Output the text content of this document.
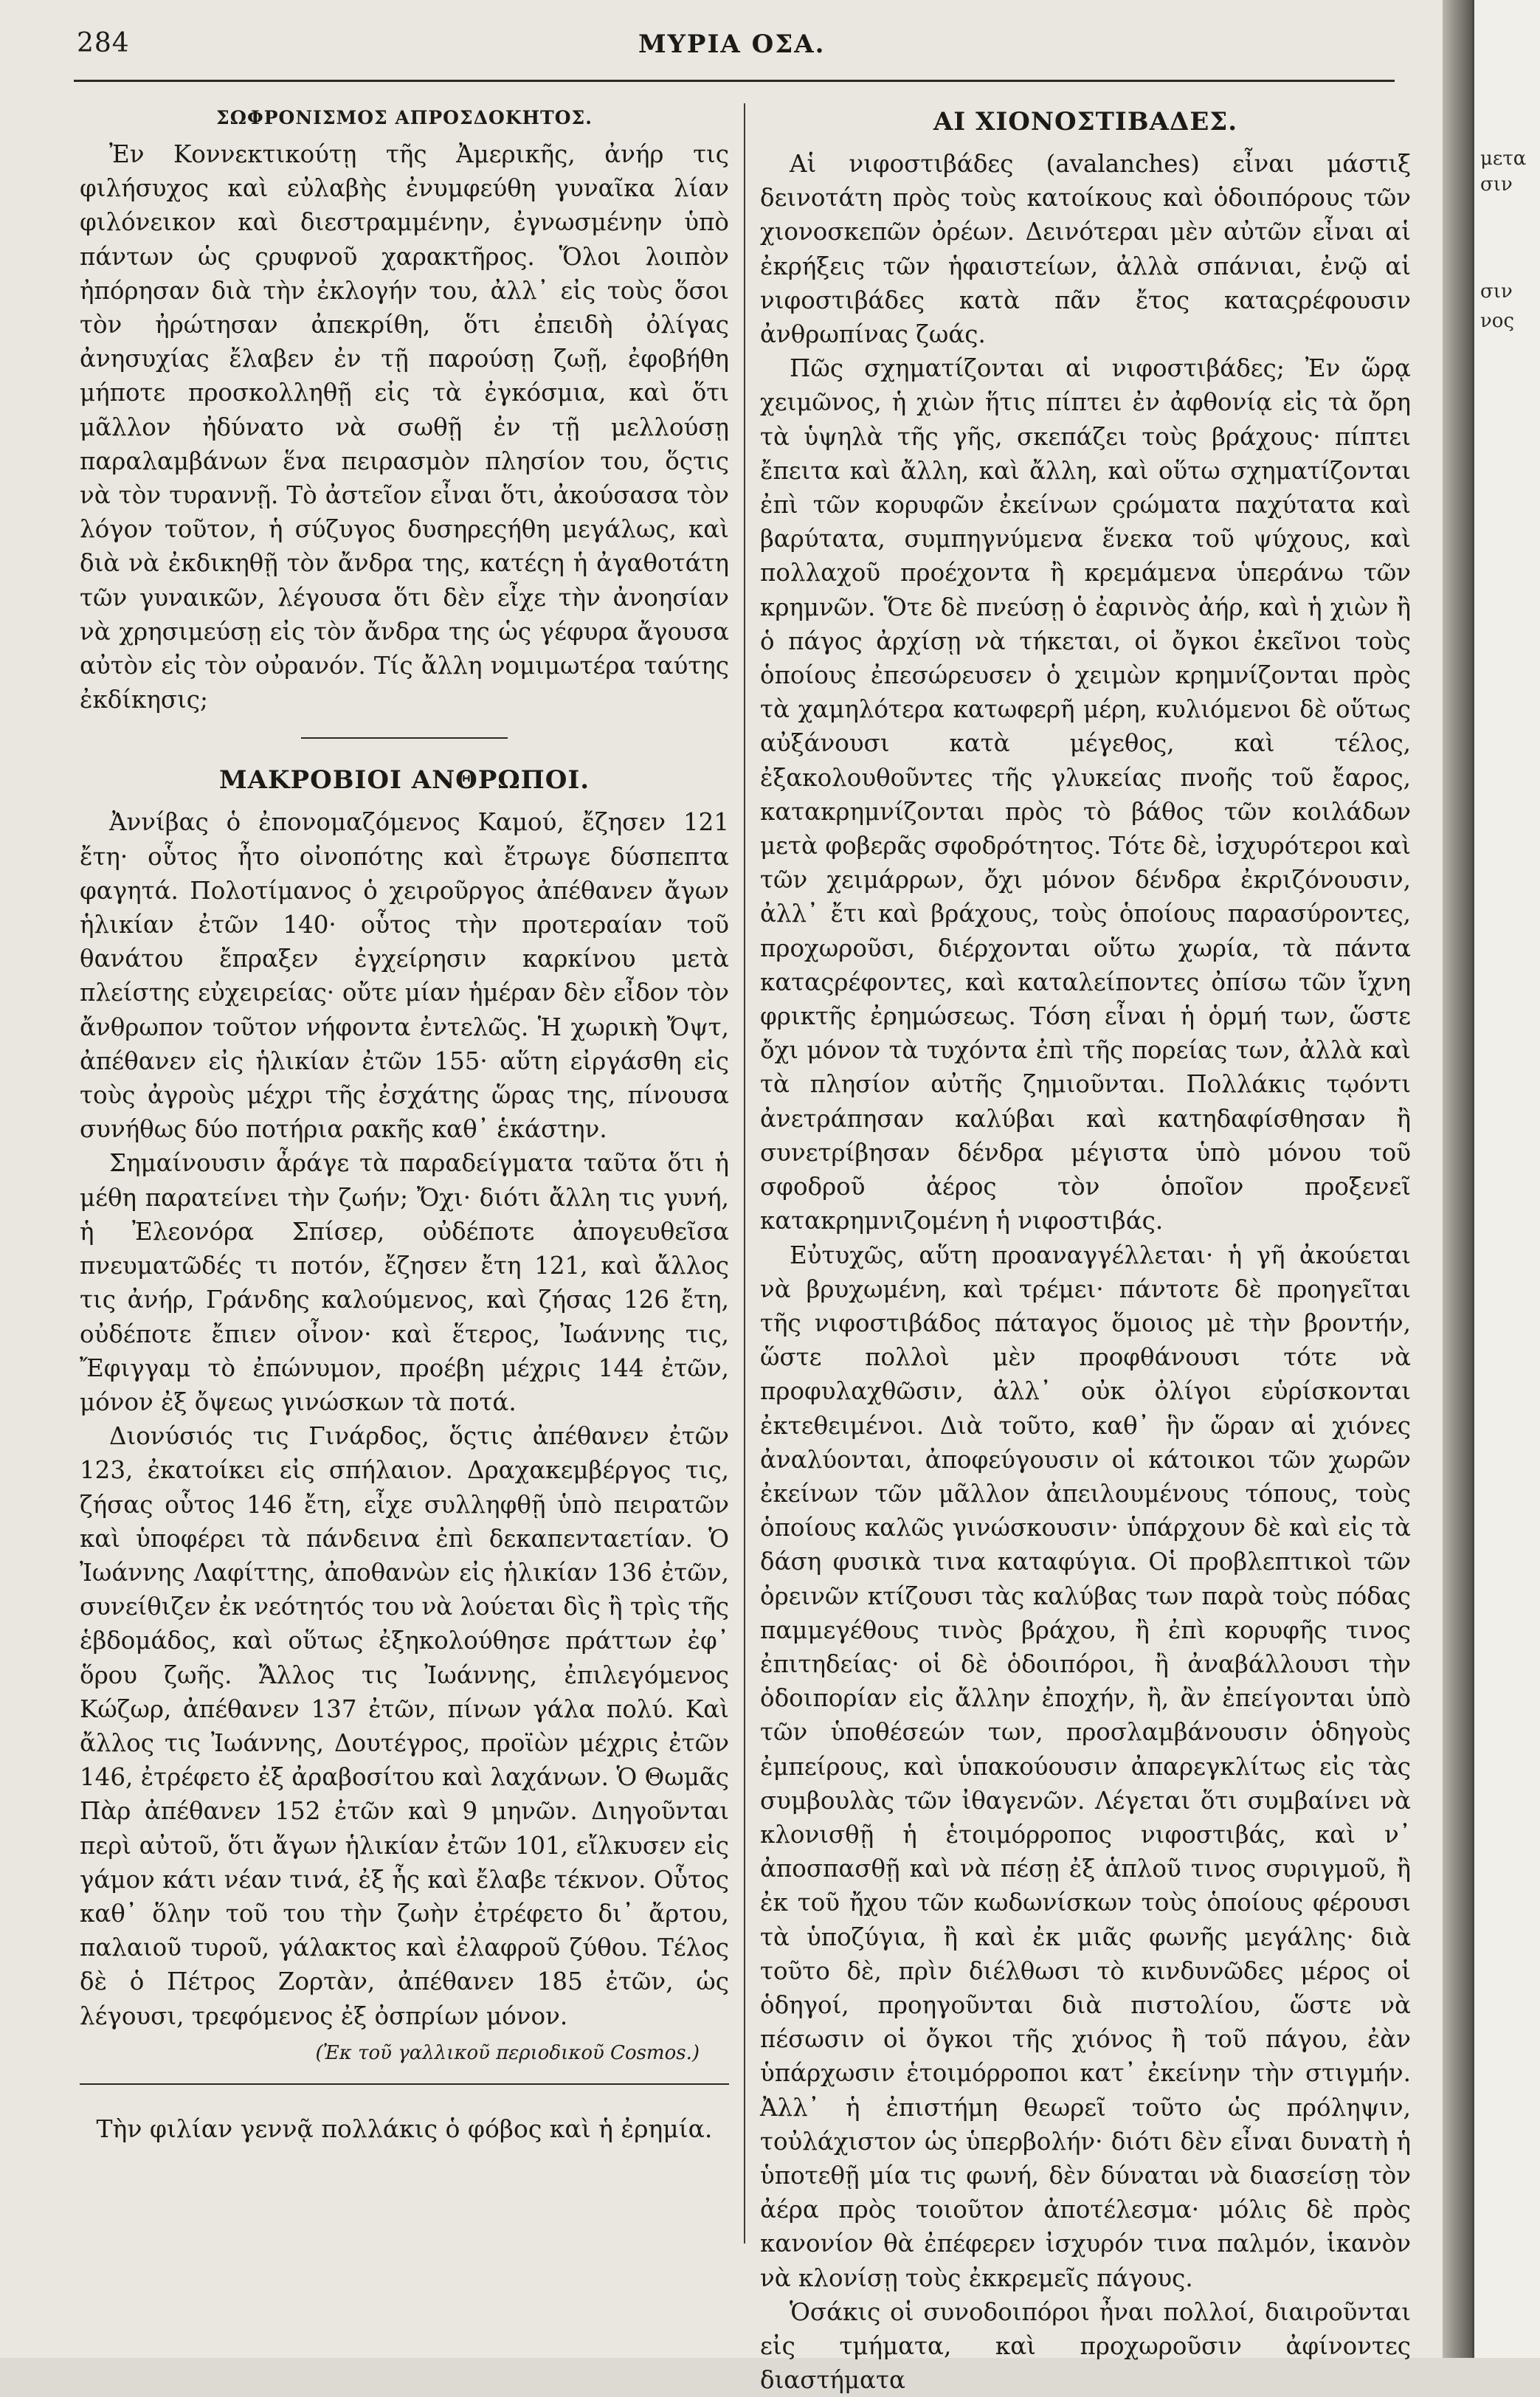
284	ΜΥΡΙΑ ΟΣΑ.
ΣΩΦΡΟΝΙΣΜΟΣ ΑΠΡΟΣΔΟΚΗΤΟΣ.

Ἐν Κοννεκτικούτῃ τῆς Ἀμερικῆς, ἀνήρ τις φιλήσυχος καὶ εὐλαβὴς ἐνυμφεύθη γυναῖκα λίαν φιλόνεικον καὶ διεστραμμένην, ἐγνωσμένην ὑπὸ πάντων ὡς ςρυφνοῦ χαρακτῆρος. Ὅλοι λοιπὸν ἠπόρησαν διὰ τὴν ἐκλογήν του, ἀλλ᾽ εἰς τοὺς ὅσοι τὸν ἠρώτησαν ἀπεκρίθη, ὅτι ἐπειδὴ ὀλίγας ἀνησυχίας ἔλαβεν ἐν τῇ παρούσῃ ζωῇ, ἐφοβήθη μήποτε προσκολληθῇ εἰς τὰ ἐγκόσμια, καὶ ὅτι μᾶλλον ἠδύνατο νὰ σωθῇ ἐν τῇ μελλούσῃ παραλαμβάνων ἕνα πειρασμὸν πλησίον του, ὅςτις νὰ τὸν τυραννῇ. Τὸ ἀστεῖον εἶναι ὅτι, ἀκούσασα τὸν λόγον τοῦτον, ἡ σύζυγος δυσηρεςήθη μεγάλως, καὶ διὰ νὰ ἐκδικηθῇ τὸν ἄνδρα της, κατέςη ἡ ἀγαθοτάτη τῶν γυναικῶν, λέγουσα ὅτι δὲν εἶχε τὴν ἀνοησίαν νὰ χρησιμεύσῃ εἰς τὸν ἄνδρα της ὡς γέφυρα ἄγουσα αὐτὸν εἰς τὸν οὐρανόν. Τίς ἄλλη νομιμωτέρα ταύτης ἐκδίκησις;

ΜΑΚΡΟΒΙΟΙ ΑΝΘΡΩΠΟΙ.

Ἀννίβας ὁ ἐπονομαζόμενος Καμού, ἔζησεν 121 ἔτη· οὗτος ἦτο οἰνοπότης καὶ ἔτρωγε δύσπεπτα φαγητά. Πολοτίμανος ὁ χειροῦργος ἀπέθανεν ἄγων ἡλικίαν ἐτῶν 140· οὗτος τὴν προτεραίαν τοῦ θανάτου ἔπραξεν ἐγχείρησιν καρκίνου μετὰ πλείστης εὐχειρείας· οὔτε μίαν ἡμέραν δὲν εἶδον τὸν ἄνθρωπον τοῦτον νήφοντα ἐντελῶς. Ἡ χωρικὴ Ὄψτ, ἀπέθανεν εἰς ἡλικίαν ἐτῶν 155· αὕτη εἰργάσθη εἰς τοὺς ἀγροὺς μέχρι τῆς ἐσχάτης ὥρας της, πίνουσα συνήθως δύο ποτήρια ρακῆς καθ᾽ ἑκάστην.

Σημαίνουσιν ἆράγε τὰ παραδείγματα ταῦτα ὅτι ἡ μέθη παρατείνει τὴν ζωήν; Ὄχι· διότι ἄλλη τις γυνή, ἡ Ἐλεονόρα Σπίσερ, οὐδέποτε ἀπογευθεῖσα πνευματῶδές τι ποτόν, ἔζησεν ἔτη 121, καὶ ἄλλος τις ἀνήρ, Γράνδης καλούμενος, καὶ ζήσας 126 ἔτη, οὐδέποτε ἔπιεν οἶνον· καὶ ἕτερος, Ἰωάννης τις, Ἔφιγγαμ τὸ ἐπώνυμον, προέβη μέχρις 144 ἐτῶν, μόνον ἐξ ὄψεως γινώσκων τὰ ποτά.

Διονύσιός τις Γινάρδος, ὅςτις ἀπέθανεν ἐτῶν 123, ἐκατοίκει εἰς σπήλαιον. Δραχακεμβέργος τις, ζήσας οὗτος 146 ἔτη, εἶχε συλληφθῇ ὑπὸ πειρατῶν καὶ ὑποφέρει τὰ πάνδεινα ἐπὶ δεκαπενταετίαν. Ὁ Ἰωάννης Λαφίττης, ἀποθανὼν εἰς ἡλικίαν 136 ἐτῶν, συνείθιζεν ἐκ νεότητός του νὰ λούεται δὶς ἢ τρὶς τῆς ἑβδομάδος, καὶ οὕτως ἐξηκολούθησε πράττων ἐφ᾽ ὅρου ζωῆς. Ἄλλος τις Ἰωάννης, ἐπιλεγόμενος Κώζωρ, ἀπέθανεν 137 ἐτῶν, πίνων γάλα πολύ. Καὶ ἄλλος τις Ἰωάννης, Δουτέγρος, προϊὼν μέχρις ἐτῶν 146, ἐτρέφετο ἐξ ἀραβοσίτου καὶ λαχάνων. Ὁ Θωμᾶς Πὰρ ἀπέθανεν 152 ἐτῶν καὶ 9 μηνῶν. Διηγοῦνται περὶ αὐτοῦ, ὅτι ἄγων ἡλικίαν ἐτῶν 101, εἴλκυσεν εἰς γάμον κάτι νέαν τινά, ἐξ ἧς καὶ ἔλαβε τέκνον. Οὗτος καθ᾽ ὅλην τοῦ του τὴν ζωὴν ἐτρέφετο δι᾽ ἄρτου, παλαιοῦ τυροῦ, γάλακτος καὶ ἐλαφροῦ ζύθου. Τέλος δὲ ὁ Πέτρος Ζορτὰν, ἀπέθανεν 185 ἐτῶν, ὡς λέγουσι, τρεφόμενος ἐξ ὀσπρίων μόνον.

(Ἐκ τοῦ γαλλικοῦ περιοδικοῦ Cosmos.)

Τὴν φιλίαν γεννᾷ πολλάκις ὁ φόβος καὶ ἡ ἐρημία.

ΑΙ ΧΙΟΝΟΣΤΙΒΑΔΕΣ.

Αἱ νιφοστιβάδες (avalanches) εἶναι μάστιξ δεινοτάτη πρὸς τοὺς κατοίκους καὶ ὁδοιπόρους τῶν χιονοσκεπῶν ὀρέων. Δεινότεραι μὲν αὐτῶν εἶναι αἱ ἐκρήξεις τῶν ἡφαιστείων, ἀλλὰ σπάνιαι, ἐνῷ αἱ νιφοστιβάδες κατὰ πᾶν ἔτος καταςρέφουσιν ἀνθρωπίνας ζωάς.

Πῶς σχηματίζονται αἱ νιφοστιβάδες; Ἐν ὥρᾳ χειμῶνος, ἡ χιὼν ἥτις πίπτει ἐν ἀφθονίᾳ εἰς τὰ ὄρη τὰ ὑψηλὰ τῆς γῆς, σκεπάζει τοὺς βράχους· πίπτει ἔπειτα καὶ ἄλλη, καὶ ἄλλη, καὶ οὕτω σχηματίζονται ἐπὶ τῶν κορυφῶν ἐκείνων ςρώματα παχύτατα καὶ βαρύτατα, συμπηγνύμενα ἕνεκα τοῦ ψύχους, καὶ πολλαχοῦ προέχοντα ἢ κρεμάμενα ὑπεράνω τῶν κρημνῶν. Ὅτε δὲ πνεύσῃ ὁ ἐαρινὸς ἀήρ, καὶ ἡ χιὼν ἢ ὁ πάγος ἀρχίσῃ νὰ τήκεται, οἱ ὄγκοι ἐκεῖνοι τοὺς ὁποίους ἐπεσώρευσεν ὁ χειμὼν κρημνίζονται πρὸς τὰ χαμηλότερα κατωφερῆ μέρη, κυλιόμενοι δὲ οὕτως αὐξάνουσι κατὰ μέγεθος, καὶ τέλος, ἐξακολουθοῦντες τῆς γλυκείας πνοῆς τοῦ ἔαρος, κατακρημνίζονται πρὸς τὸ βάθος τῶν κοιλάδων μετὰ φοβερᾶς σφοδρότητος. Τότε δὲ, ἰσχυρότεροι καὶ τῶν χειμάρρων, ὄχι μόνον δένδρα ἐκριζόνουσιν, ἀλλ᾽ ἔτι καὶ βράχους, τοὺς ὁποίους παρασύροντες, προχωροῦσι, διέρχονται οὕτω χωρία, τὰ πάντα καταςρέφοντες, καὶ καταλείποντες ὀπίσω τῶν ἴχνη φρικτῆς ἐρημώσεως. Τόση εἶναι ἡ ὁρμή των, ὥστε ὄχι μόνον τὰ τυχόντα ἐπὶ τῆς πορείας των, ἀλλὰ καὶ τὰ πλησίον αὐτῆς ζημιοῦνται. Πολλάκις τῳόντι ἀνετράπησαν καλύβαι καὶ κατηδαφίσθησαν ἢ συνετρίβησαν δένδρα μέγιστα ὑπὸ μόνου τοῦ σφοδροῦ ἀέρος τὸν ὁποῖον προξενεῖ κατακρημνιζομένη ἡ νιφοστιβάς.

Εὐτυχῶς, αὕτη προαναγγέλλεται· ἡ γῆ ἀκούεται νὰ βρυχωμένη, καὶ τρέμει· πάντοτε δὲ προηγεῖται τῆς νιφοστιβάδος πάταγος ὅμοιος μὲ τὴν βροντήν, ὥστε πολλοὶ μὲν προφθάνουσι τότε νὰ προφυλαχθῶσιν, ἀλλ᾽ οὐκ ὀλίγοι εὑρίσκονται ἐκτεθειμένοι. Διὰ τοῦτο, καθ᾽ ἣν ὥραν αἱ χιόνες ἀναλύονται, ἀποφεύγουσιν οἱ κάτοικοι τῶν χωρῶν ἐκείνων τῶν μᾶλλον ἀπειλουμένους τόπους, τοὺς ὁποίους καλῶς γινώσκουσιν· ὑπάρχουν δὲ καὶ εἰς τὰ δάση φυσικὰ τινα καταφύγια. Οἱ προβλεπτικοὶ τῶν ὀρεινῶν κτίζουσι τὰς καλύβας των παρὰ τοὺς πόδας παμμεγέθους τινὸς βράχου, ἢ ἐπὶ κορυφῆς τινος ἐπιτηδείας· οἱ δὲ ὁδοιπόροι, ἢ ἀναβάλλουσι τὴν ὁδοιπορίαν εἰς ἄλλην ἐποχήν, ἢ, ἂν ἐπείγονται ὑπὸ τῶν ὑποθέσεών των, προσλαμβάνουσιν ὁδηγοὺς ἐμπείρους, καὶ ὑπακούουσιν ἀπαρεγκλίτως εἰς τὰς συμβουλὰς τῶν ἰθαγενῶν. Λέγεται ὅτι συμβαίνει νὰ κλονισθῇ ἡ ἑτοιμόρροπος νιφοστιβάς, καὶ ν᾽ ἀποσπασθῇ καὶ νὰ πέσῃ ἐξ ἁπλοῦ τινος συριγμοῦ, ἢ ἐκ τοῦ ἤχου τῶν κωδωνίσκων τοὺς ὁποίους φέρουσι τὰ ὑποζύγια, ἢ καὶ ἐκ μιᾶς φωνῆς μεγάλης· διὰ τοῦτο δὲ, πρὶν διέλθωσι τὸ κινδυνῶδες μέρος οἱ ὁδηγοί, προηγοῦνται διὰ πιστολίου, ὥστε νὰ πέσωσιν οἱ ὄγκοι τῆς χιόνος ἢ τοῦ πάγου, ἐὰν ὑπάρχωσιν ἑτοιμόρροποι κατ᾽ ἐκείνην τὴν στιγμήν. Ἀλλ᾽ ἡ ἐπιστήμη θεωρεῖ τοῦτο ὡς πρόληψιν, τοὐλάχιστον ὡς ὑπερβολήν· διότι δὲν εἶναι δυνατὴ ἡ ὑποτεθῇ μία τις φωνή, δὲν δύναται νὰ διασείσῃ τὸν ἀέρα πρὸς τοιοῦτον ἀποτέλεσμα· μόλις δὲ πρὸς κανονίον θὰ ἐπέφερεν ἰσχυρόν τινα παλμόν, ἱκανὸν νὰ κλονίσῃ τοὺς ἐκκρεμεῖς πάγους.

Ὁσάκις οἱ συνοδοιπόροι ἦναι πολλοί, διαιροῦνται εἰς τμήματα, καὶ προχωροῦσιν ἀφίνοντες διαστήματα

μετα
σιν
σιν
νος
